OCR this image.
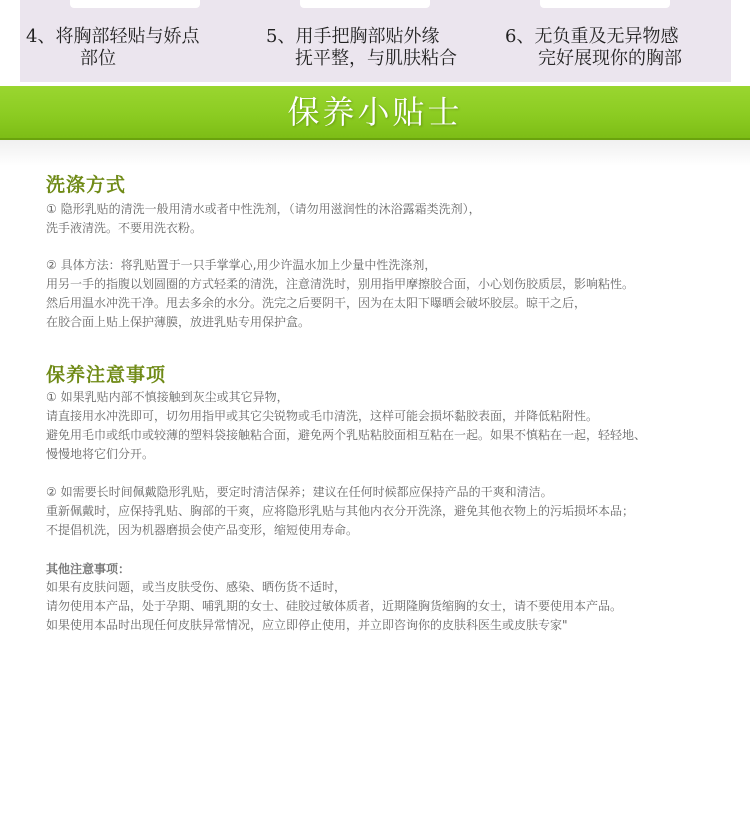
4、将胸部轻贴与娇点
部位
5、用手把胸部贴外缘
抚平整，与肌肤粘合
6、无负重及无异物感
完好展现你的胸部
保养小贴士
洗涤方式
① 隐形乳贴的清洗一般用清水或者中性洗剂，（请勿用滋润性的沐浴露霜类洗剂），
洗手液清洗。不要用洗衣粉。
② 具体方法：将乳贴置于一只手掌掌心,用少许温水加上少量中性洗涤剂，
用另一手的指腹以划圆圈的方式轻柔的清洗，注意清洗时，别用指甲摩擦胶合面，小心划伤胶质层，影响粘性。
然后用温水冲洗干净。甩去多余的水分。洗完之后要阴干，因为在太阳下曝晒会破坏胶层。晾干之后，
在胶合面上贴上保护薄膜，放进乳贴专用保护盒。
保养注意事项
① 如果乳贴内部不慎接触到灰尘或其它异物，
请直接用水冲洗即可，切勿用指甲或其它尖锐物或毛巾清洗，这样可能会损坏黏胶表面，并降低粘附性。
避免用毛巾或纸巾或较薄的塑料袋接触粘合面，避免两个乳贴粘胶面相互粘在一起。如果不慎粘在一起，轻轻地、
慢慢地将它们分开。
② 如需要长时间佩戴隐形乳贴，要定时清洁保养；建议在任何时候都应保持产品的干爽和清洁。
重新佩戴时，应保持乳贴、胸部的干爽，应将隐形乳贴与其他内衣分开洗涤，避免其他衣物上的污垢损坏本品；
不提倡机洗，因为机器磨损会使产品变形，缩短使用寿命。
其他注意事项：
如果有皮肤问题，或当皮肤受伤、感染、晒伤货不适时，
请勿使用本产品，处于孕期、哺乳期的女士、硅胶过敏体质者，近期隆胸货缩胸的女士，请不要使用本产品。
如果使用本品时出现任何皮肤异常情况，应立即停止使用，并立即咨询你的皮肤科医生或皮肤专家"
